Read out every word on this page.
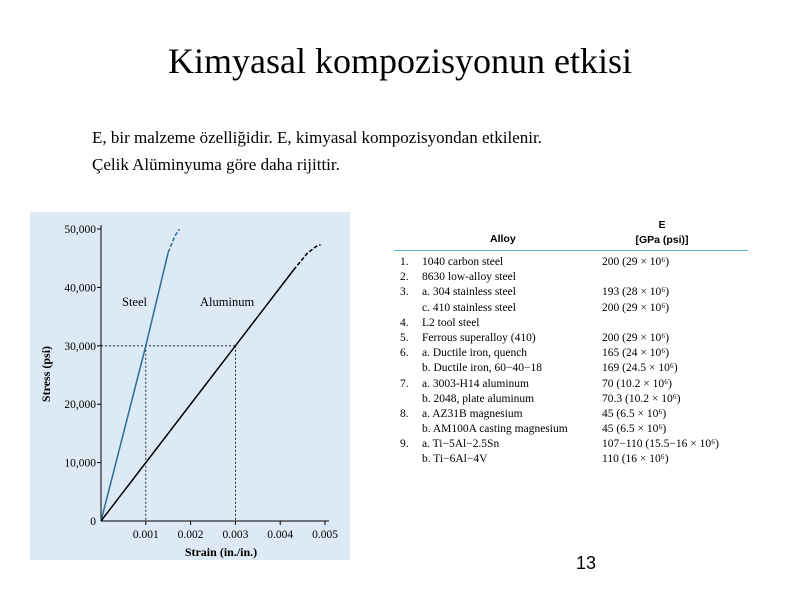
Kimyasal kompozisyonun etkisi
E, bir malzeme özelliğidir. E, kimyasal kompozisyondan etkilenir.
Çelik Alüminyuma göre daha rijittir.
0
10,000
20,000
30,000
40,000
50,000
0.001 0.002 0.003 0.004 0.005
Steel	Aluminum
Strain (in./in.)
Stress (psi)
Alloy
E
[GPa (psi)]
1. 1040 carbon steel	200 (29 × 10⁶)
2. 8630 low-alloy steel
3. a. 304 stainless steel	193 (28 × 10⁶)
c. 410 stainless steel	200 (29 × 10⁶)
4. L2 tool steel
5. Ferrous superalloy (410)	200 (29 × 10⁶)
6. a. Ductile iron, quench	165 (24 × 10⁶)
b. Ductile iron, 60−40−18	169 (24.5 × 10⁶)
7. a. 3003-H14 aluminum	70 (10.2 × 10⁶)
b. 2048, plate aluminum	70.3 (10.2 × 10⁶)
8. a. AZ31B magnesium	45 (6.5 × 10⁶)
b. AM100A casting magnesium	45 (6.5 × 10⁶)
9. a. Ti−5Al−2.5Sn	107−110 (15.5−16 × 10⁶)
b. Ti−6Al−4V	110 (16 × 10⁶)
13
